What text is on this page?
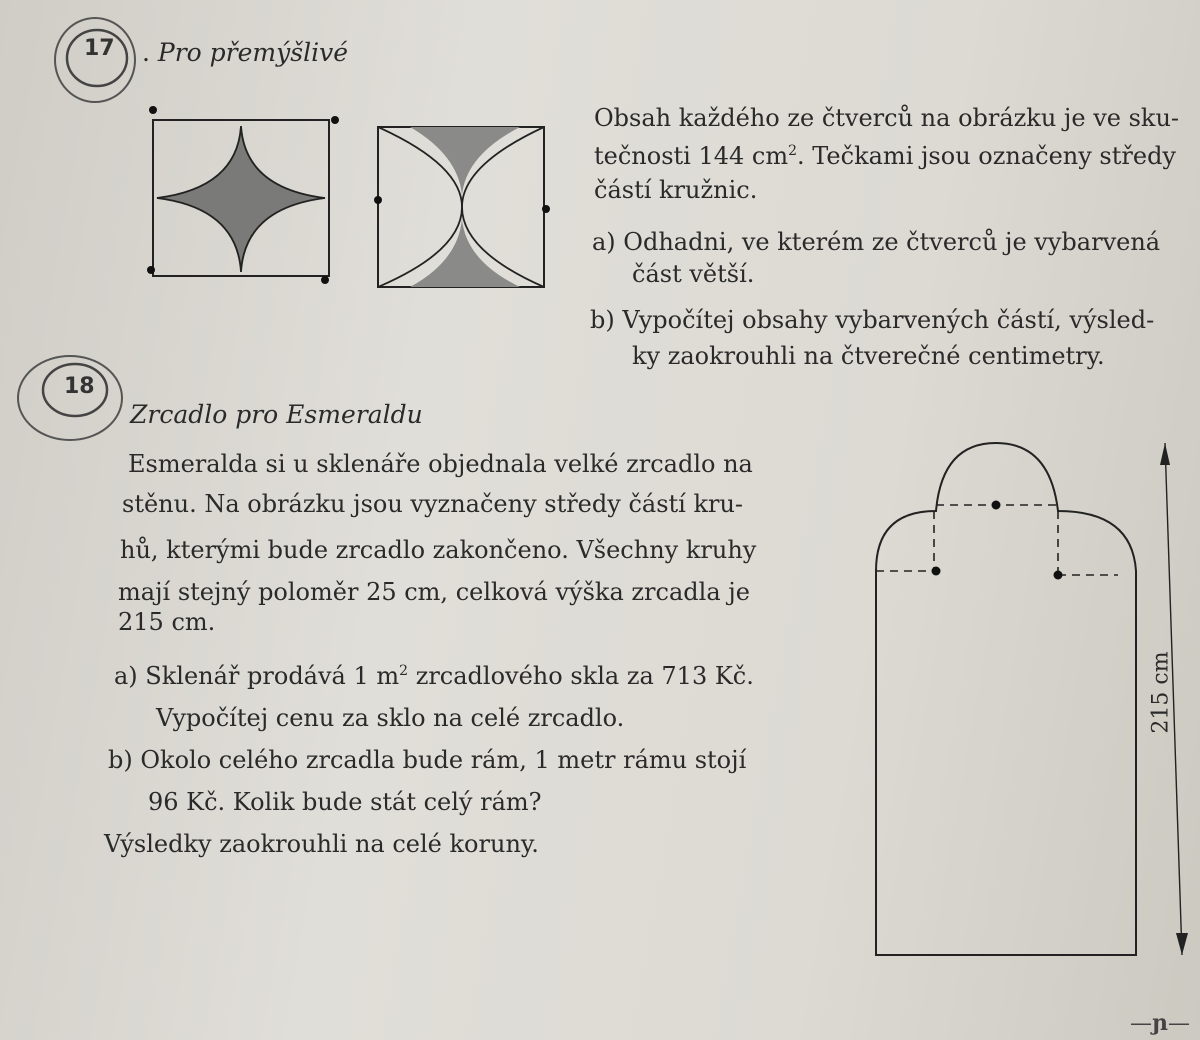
17 . Pro přemýšlivé
Obsah každého ze čtverců na obrázku je ve sku-
tečnosti 144 $cm^2$. Tečkami jsou označeny středy
částí kružnic.
a) Odhadni, ve kterém ze čtverců je vybarvená
část větší.
b) Vypočítej obsahy vybarvených částí, výsled-
ky zaokrouhli na čtverečné centimetry.
18
Zrcadlo pro Esmeraldu
Esmeralda si u sklenáře objednala velké zrcadlo na
stěnu. Na obrázku jsou vyznačeny středy částí kru-
hů, kterými bude zrcadlo zakončeno. Všechny kruhy
mají stejný poloměr 25 cm, celková výška zrcadla je
215 cm.
a) Sklenář prodává 1 $m^2$ zrcadlového skla za 713 Kč.
Vypočítej cenu za sklo na celé zrcadlo.
b) Okolo celého zrcadla bude rám, 1 metr rámu stojí
96 Kč. Kolik bude stát celý rám?
Výsledky zaokrouhli na celé koruny.
215 cm
—ɲ—
